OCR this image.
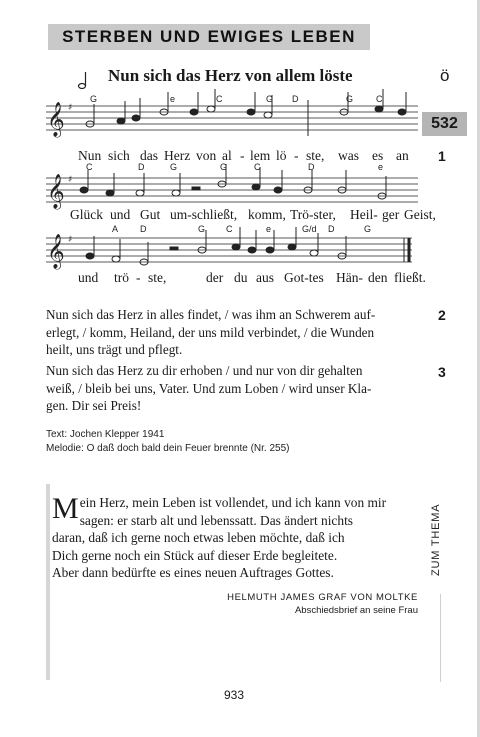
STERBEN UND EWIGES LEBEN
Nun sich das Herz von allem löste	ö
532
1
𝄞 ♯
G	e	C	G D	G	C
Nun sich das Herz von al - lem lö - ste, was es an
𝄞 ♯
C	D	G	G	C	D	e
Glück und Gut um-schließt, komm, Trö-ster, Heil- ger Geist,
𝄞 ♯
A D	G C	e	G/d D	G
und trö - ste,	der du aus Got-tes Hän- den fließt.

Nun sich das Herz in alles findet, / was ihm an Schwerem auf-

erlegt, / komm, Heiland, der uns mild verbindet, / die Wunden

heilt, uns trägt und pflegt.

2

Nun sich das Herz zu dir erhoben / und nur von dir gehalten

weiß, / bleib bei uns, Vater. Und zum Loben / wird unser Kla-

gen. Dir sei Preis!

3
Text: Jochen Klepper 1941
Melodie: O daß doch bald dein Feuer brennte (Nr. 255)
M ein Herz, mein Leben ist vollendet, und ich kann von mir
sagen: er starb alt und lebenssatt. Das ändert nichts
daran, daß ich gerne noch etwas leben möchte, daß ich
Dich gerne noch ein Stück auf dieser Erde begleitete.
Aber dann bedürfte es eines neuen Auftrages Gottes.
HELMUTH JAMES GRAF VON MOLTKE
Abschiedsbrief an seine Frau
ZUM THEMA
933
